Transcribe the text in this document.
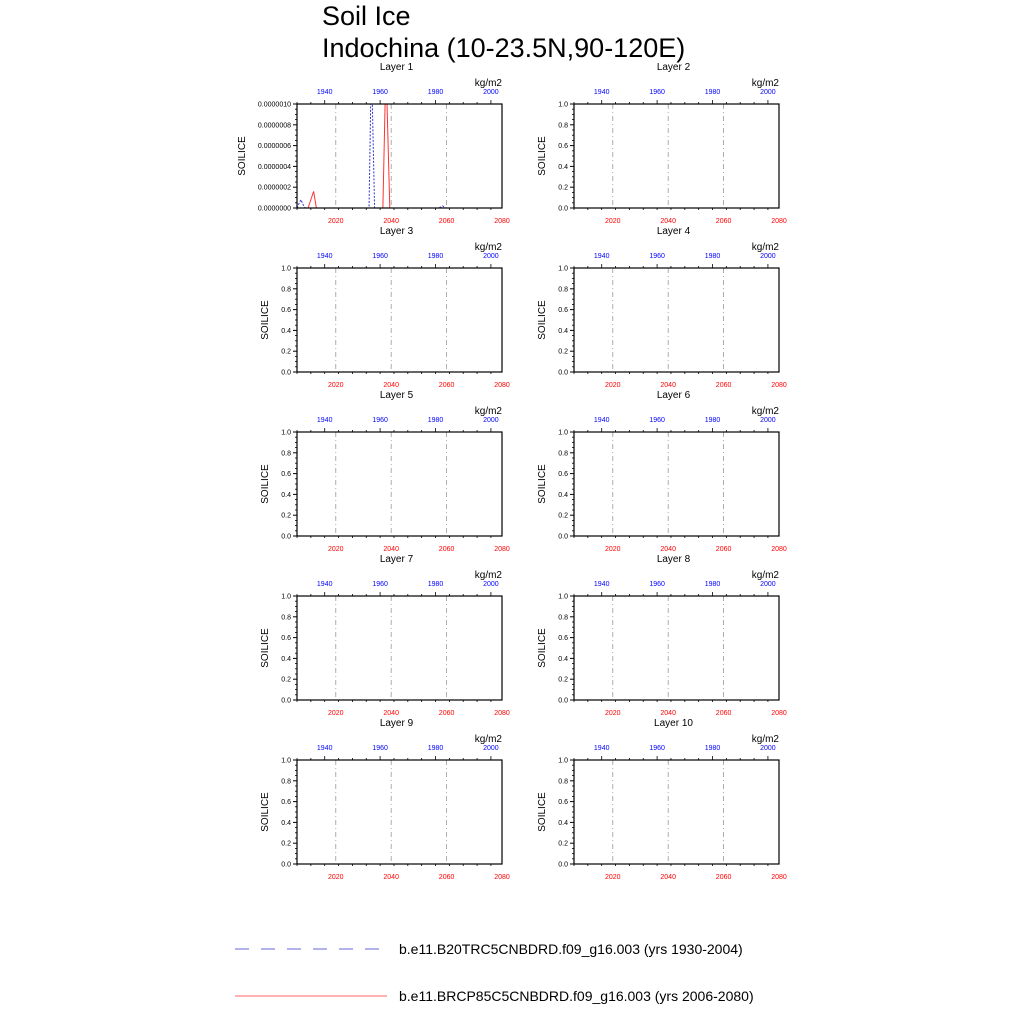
Soil Ice
Indochina (10-23.5N,90-120E)
0.0000000
0.0000002
0.0000004
0.0000006
0.0000008
0.0000010
2020	2040	2060	2080
1940	1960	1980	2000
Layer 1
kg/m2
SOILICE
0.0
0.2
0.4
0.6
0.8
1.0
2020	2040	2060	2080
1940	1960	1980	2000
Layer 2
kg/m2
SOILICE
0.0
0.2
0.4
0.6
0.8
1.0
2020	2040	2060	2080
1940	1960	1980	2000
Layer 3
kg/m2
SOILICE
0.0
0.2
0.4
0.6
0.8
1.0
2020	2040	2060	2080
1940	1960	1980	2000
Layer 4
kg/m2
SOILICE
0.0
0.2
0.4
0.6
0.8
1.0
2020	2040	2060	2080
1940	1960	1980	2000
Layer 5
kg/m2
SOILICE
0.0
0.2
0.4
0.6
0.8
1.0
2020	2040	2060	2080
1940	1960	1980	2000
Layer 6
kg/m2
SOILICE
0.0
0.2
0.4
0.6
0.8
1.0
2020	2040	2060	2080
1940	1960	1980	2000
Layer 7
kg/m2
SOILICE
0.0
0.2
0.4
0.6
0.8
1.0
2020	2040	2060	2080
1940	1960	1980	2000
Layer 8
kg/m2
SOILICE
0.0
0.2
0.4
0.6
0.8
1.0
2020	2040	2060	2080
1940	1960	1980	2000
Layer 9
kg/m2
SOILICE
0.0
0.2
0.4
0.6
0.8
1.0
2020	2040	2060	2080
1940	1960	1980	2000
Layer 10
kg/m2
SOILICE
b.e11.B20TRC5CNBDRD.f09_g16.003 (yrs 1930-2004)
b.e11.BRCP85C5CNBDRD.f09_g16.003 (yrs 2006-2080)
